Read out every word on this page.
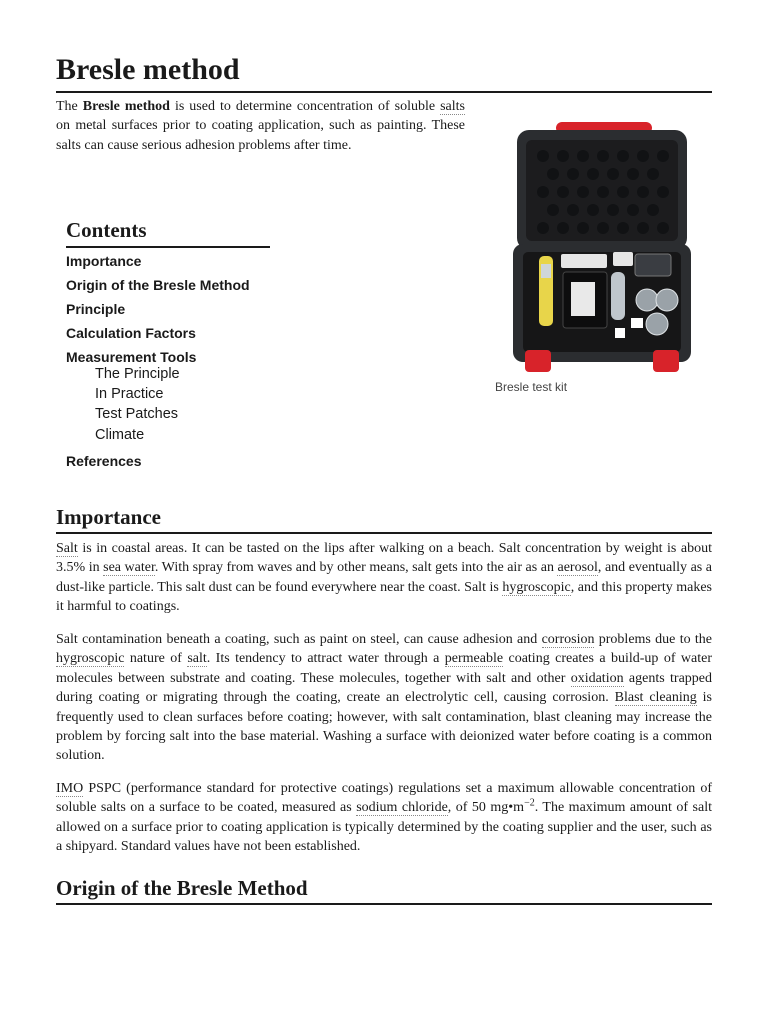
Bresle method
The Bresle method is used to determine concentration of soluble salts on metal surfaces prior to coating application, such as painting. These salts can cause serious adhesion problems after time.
Bresle test kit
Contents
Importance
Origin of the Bresle Method
Principle
Calculation Factors
Measurement Tools
The Principle
In Practice
Test Patches
Climate
References
Importance
Salt is in coastal areas. It can be tasted on the lips after walking on a beach. Salt concentration by weight is about 3.5% in sea water. With spray from waves and by other means, salt gets into the air as an aerosol, and eventually as a dust-like particle. This salt dust can be found everywhere near the coast. Salt is hygroscopic, and this property makes it harmful to coatings.
Salt contamination beneath a coating, such as paint on steel, can cause adhesion and corrosion problems due to the hygroscopic nature of salt. Its tendency to attract water through a permeable coating creates a build-up of water molecules between substrate and coating. These molecules, together with salt and other oxidation agents trapped during coating or migrating through the coating, create an electrolytic cell, causing corrosion. Blast cleaning is frequently used to clean surfaces before coating; however, with salt contamination, blast cleaning may increase the problem by forcing salt into the base material. Washing a surface with deionized water before coating is a common solution.
IMO PSPC (performance standard for protective coatings) regulations set a maximum allowable concentration of soluble salts on a surface to be coated, measured as sodium chloride, of 50 $mg•m^{-2}$. The maximum amount of salt allowed on a surface prior to coating application is typically determined by the coating supplier and the user, such as a shipyard. Standard values have not been established.
Origin of the Bresle Method
